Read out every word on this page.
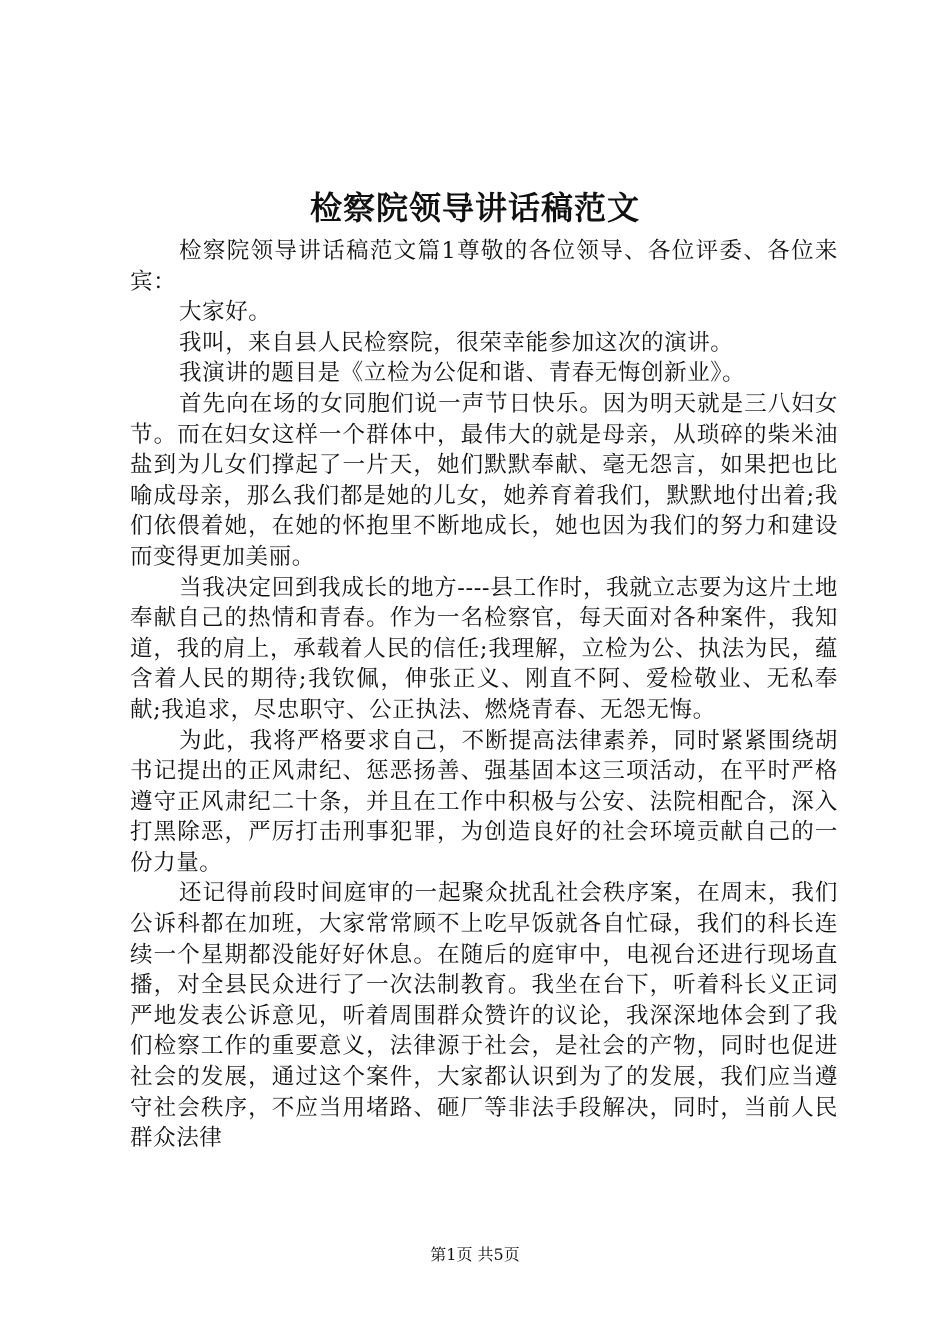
检察院领导讲话稿范文

检察院领导讲话稿范文篇1尊敬的各位领导、各位评委、各位来宾：

大家好。

我叫，来自县人民检察院，很荣幸能参加这次的演讲。

我演讲的题目是《立检为公促和谐、青春无悔创新业》。

首先向在场的女同胞们说一声节日快乐。因为明天就是三八妇女节。而在妇女这样一个群体中，最伟大的就是母亲，从琐碎的柴米油盐到为儿女们撑起了一片天，她们默默奉献、毫无怨言，如果把也比喻成母亲，那么我们都是她的儿女，她养育着我们，默默地付出着;我们依偎着她，在她的怀抱里不断地成长，她也因为我们的努力和建设而变得更加美丽。

当我决定回到我成长的地方----县工作时，我就立志要为这片土地奉献自己的热情和青春。作为一名检察官，每天面对各种案件，我知道，我的肩上，承载着人民的信任;我理解，立检为公、执法为民，蕴含着人民的期待;我钦佩，伸张正义、刚直不阿、爱检敬业、无私奉献;我追求，尽忠职守、公正执法、燃烧青春、无怨无悔。

为此，我将严格要求自己，不断提高法律素养，同时紧紧围绕胡书记提出的正风肃纪、惩恶扬善、强基固本这三项活动，在平时严格遵守正风肃纪二十条，并且在工作中积极与公安、法院相配合，深入打黑除恶，严厉打击刑事犯罪，为创造良好的社会环境贡献自己的一份力量。

还记得前段时间庭审的一起聚众扰乱社会秩序案，在周末，我们公诉科都在加班，大家常常顾不上吃早饭就各自忙碌，我们的科长连续一个星期都没能好好休息。在随后的庭审中，电视台还进行现场直播，对全县民众进行了一次法制教育。我坐在台下，听着科长义正词严地发表公诉意见，听着周围群众赞许的议论，我深深地体会到了我们检察工作的重要意义，法律源于社会，是社会的产物，同时也促进社会的发展，通过这个案件，大家都认识到为了的发展，我们应当遵守社会秩序，不应当用堵路、砸厂等非法手段解决，同时，当前人民群众法律

第1页 共5页
